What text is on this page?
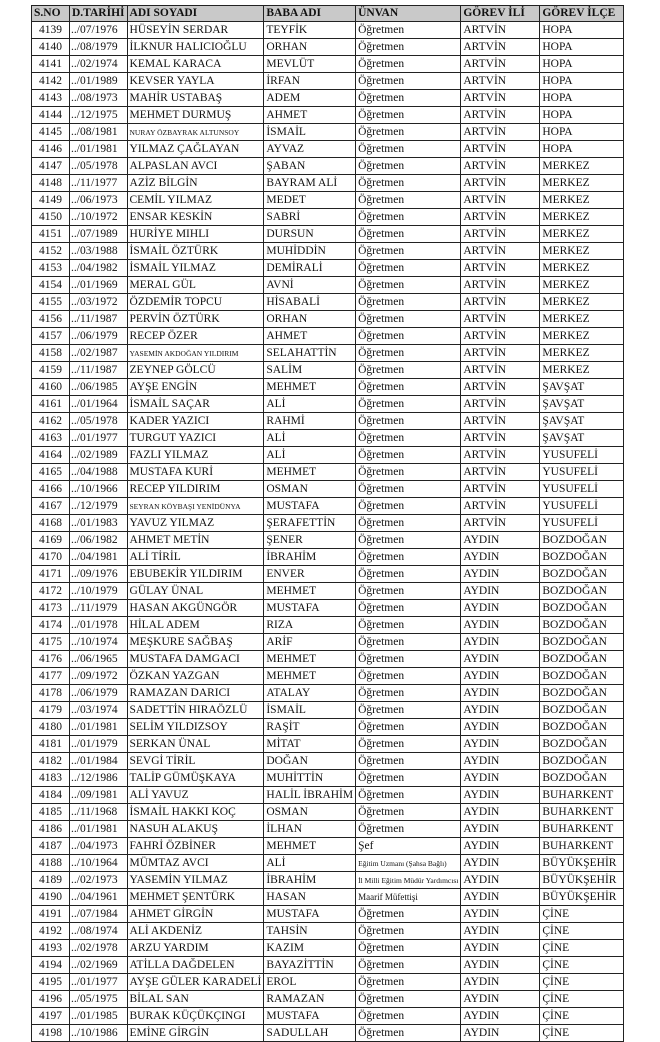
S.NO	D.TARİHİ	ADI SOYADI	BABA ADI	ÜNVAN	GÖREV İLİ	GÖREV İLÇE
4139	../07/1976	HÜSEYİN SERDAR	TEYFİK	Öğretmen	ARTVİN	HOPA
4140	../08/1979	İLKNUR HALICIOĞLU	ORHAN	Öğretmen	ARTVİN	HOPA
4141	../02/1974	KEMAL KARACA	MEVLÜT	Öğretmen	ARTVİN	HOPA
4142	../01/1989	KEVSER YAYLA	İRFAN	Öğretmen	ARTVİN	HOPA
4143	../08/1973	MAHİR USTABAŞ	ADEM	Öğretmen	ARTVİN	HOPA
4144	../12/1975	MEHMET DURMUŞ	AHMET	Öğretmen	ARTVİN	HOPA
4145	../08/1981	NURAY ÖZBAYRAK ALTUNSOY	İSMAİL	Öğretmen	ARTVİN	HOPA
4146	../01/1981	YILMAZ ÇAĞLAYAN	AYVAZ	Öğretmen	ARTVİN	HOPA
4147	../05/1978	ALPASLAN AVCI	ŞABAN	Öğretmen	ARTVİN	MERKEZ
4148	../11/1977	AZİZ BİLGİN	BAYRAM ALİ	Öğretmen	ARTVİN	MERKEZ
4149	../06/1973	CEMİL YILMAZ	MEDET	Öğretmen	ARTVİN	MERKEZ
4150	../10/1972	ENSAR KESKİN	SABRİ	Öğretmen	ARTVİN	MERKEZ
4151	../07/1989	HURİYE MIHLI	DURSUN	Öğretmen	ARTVİN	MERKEZ
4152	../03/1988	İSMAİL ÖZTÜRK	MUHİDDİN	Öğretmen	ARTVİN	MERKEZ
4153	../04/1982	İSMAİL YILMAZ	DEMİRALİ	Öğretmen	ARTVİN	MERKEZ
4154	../01/1969	MERAL GÜL	AVNİ	Öğretmen	ARTVİN	MERKEZ
4155	../03/1972	ÖZDEMİR TOPCU	HİSABALİ	Öğretmen	ARTVİN	MERKEZ
4156	../11/1987	PERVİN ÖZTÜRK	ORHAN	Öğretmen	ARTVİN	MERKEZ
4157	../06/1979	RECEP ÖZER	AHMET	Öğretmen	ARTVİN	MERKEZ
4158	../02/1987	YASEMİN AKDOĞAN YILDIRIM	SELAHATTİN	Öğretmen	ARTVİN	MERKEZ
4159	../11/1987	ZEYNEP GÖLCÜ	SALİM	Öğretmen	ARTVİN	MERKEZ
4160	../06/1985	AYŞE ENGİN	MEHMET	Öğretmen	ARTVİN	ŞAVŞAT
4161	../01/1964	İSMAİL SAÇAR	ALİ	Öğretmen	ARTVİN	ŞAVŞAT
4162	../05/1978	KADER YAZICI	RAHMİ	Öğretmen	ARTVİN	ŞAVŞAT
4163	../01/1977	TURGUT YAZICI	ALİ	Öğretmen	ARTVİN	ŞAVŞAT
4164	../02/1989	FAZLI YILMAZ	ALİ	Öğretmen	ARTVİN	YUSUFELİ
4165	../04/1988	MUSTAFA KURİ	MEHMET	Öğretmen	ARTVİN	YUSUFELİ
4166	../10/1966	RECEP YILDIRIM	OSMAN	Öğretmen	ARTVİN	YUSUFELİ
4167	../12/1979	SEYRAN KÖYBAŞI YENİDÜNYA	MUSTAFA	Öğretmen	ARTVİN	YUSUFELİ
4168	../01/1983	YAVUZ YILMAZ	ŞERAFETTİN	Öğretmen	ARTVİN	YUSUFELİ
4169	../06/1982	AHMET METİN	ŞENER	Öğretmen	AYDIN	BOZDOĞAN
4170	../04/1981	ALİ TİRİL	İBRAHİM	Öğretmen	AYDIN	BOZDOĞAN
4171	../09/1976	EBUBEKİR YILDIRIM	ENVER	Öğretmen	AYDIN	BOZDOĞAN
4172	../10/1979	GÜLAY ÜNAL	MEHMET	Öğretmen	AYDIN	BOZDOĞAN
4173	../11/1979	HASAN AKGÜNGÖR	MUSTAFA	Öğretmen	AYDIN	BOZDOĞAN
4174	../01/1978	HİLAL ADEM	RIZA	Öğretmen	AYDIN	BOZDOĞAN
4175	../10/1974	MEŞKURE SAĞBAŞ	ARİF	Öğretmen	AYDIN	BOZDOĞAN
4176	../06/1965	MUSTAFA DAMGACI	MEHMET	Öğretmen	AYDIN	BOZDOĞAN
4177	../09/1972	ÖZKAN YAZGAN	MEHMET	Öğretmen	AYDIN	BOZDOĞAN
4178	../06/1979	RAMAZAN DARICI	ATALAY	Öğretmen	AYDIN	BOZDOĞAN
4179	../03/1974	SADETTİN HIRAÖZLÜ	İSMAİL	Öğretmen	AYDIN	BOZDOĞAN
4180	../01/1981	SELİM YILDIZSOY	RAŞİT	Öğretmen	AYDIN	BOZDOĞAN
4181	../01/1979	SERKAN ÜNAL	MİTAT	Öğretmen	AYDIN	BOZDOĞAN
4182	../01/1984	SEVGİ TİRİL	DOĞAN	Öğretmen	AYDIN	BOZDOĞAN
4183	../12/1986	TALİP GÜMÜŞKAYA	MUHİTTİN	Öğretmen	AYDIN	BOZDOĞAN
4184	../09/1981	ALİ YAVUZ	HALİL İBRAHİM	Öğretmen	AYDIN	BUHARKENT
4185	../11/1968	İSMAİL HAKKI KOÇ	OSMAN	Öğretmen	AYDIN	BUHARKENT
4186	../01/1981	NASUH ALAKUŞ	İLHAN	Öğretmen	AYDIN	BUHARKENT
4187	../04/1973	FAHRİ ÖZBİNER	MEHMET	Şef	AYDIN	BUHARKENT
4188	../10/1964	MÜMTAZ AVCI	ALİ	Eğitim Uzmanı (Şahsa Bağlı)	AYDIN	BÜYÜKŞEHİR
4189	../02/1973	YASEMİN YILMAZ	İBRAHİM	İl Milli Eğitim Müdür Yardımcısı	AYDIN	BÜYÜKŞEHİR
4190	../04/1961	MEHMET ŞENTÜRK	HASAN	Maarif Müfettişi	AYDIN	BÜYÜKŞEHİR
4191	../07/1984	AHMET GİRGİN	MUSTAFA	Öğretmen	AYDIN	ÇİNE
4192	../08/1974	ALİ AKDENİZ	TAHSİN	Öğretmen	AYDIN	ÇİNE
4193	../02/1978	ARZU YARDIM	KAZIM	Öğretmen	AYDIN	ÇİNE
4194	../02/1969	ATİLLA DAĞDELEN	BAYAZİTTİN	Öğretmen	AYDIN	ÇİNE
4195	../01/1977	AYŞE GÜLER KARADELİ	EROL	Öğretmen	AYDIN	ÇİNE
4196	../05/1975	BİLAL SAN	RAMAZAN	Öğretmen	AYDIN	ÇİNE
4197	../01/1985	BURAK KÜÇÜKÇINGI	MUSTAFA	Öğretmen	AYDIN	ÇİNE
4198	../10/1986	EMİNE GİRGİN	SADULLAH	Öğretmen	AYDIN	ÇİNE
